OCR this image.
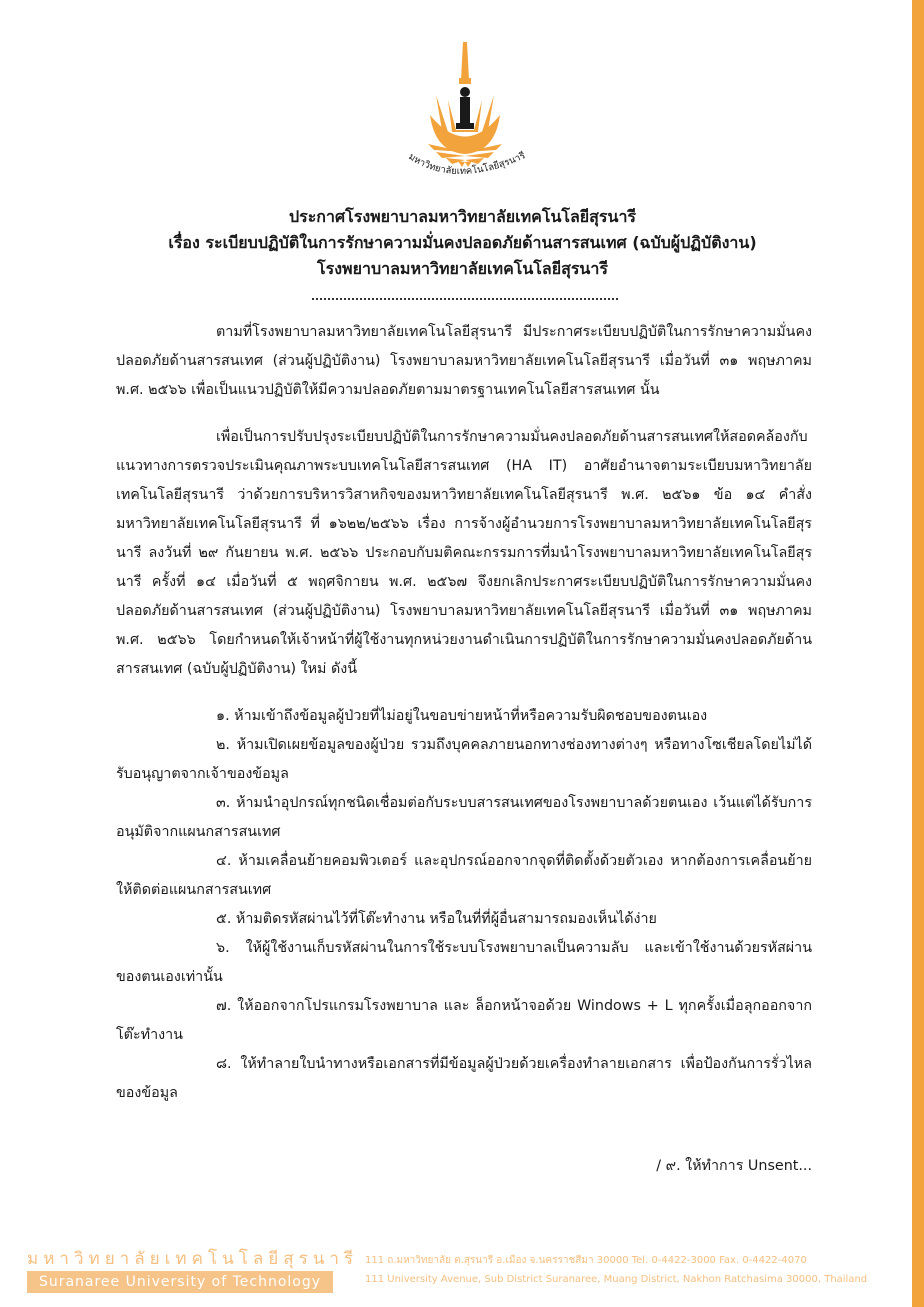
มหาวิทยาลัยเทคโนโลยีสุรนารี
ประกาศโรงพยาบาลมหาวิทยาลัยเทคโนโลยีสุรนารี
เรื่อง ระเบียบปฏิบัติในการรักษาความมั่นคงปลอดภัยด้านสารสนเทศ (ฉบับผู้ปฏิบัติงาน)
โรงพยาบาลมหาวิทยาลัยเทคโนโลยีสุรนารี

ตามที่โรงพยาบาลมหาวิทยาลัยเทคโนโลยีสุรนารี มีประกาศระเบียบปฏิบัติในการรักษาความมั่นคงปลอดภัยด้านสารสนเทศ (ส่วนผู้ปฏิบัติงาน) โรงพยาบาลมหาวิทยาลัยเทคโนโลยีสุรนารี เมื่อวันที่ ๓๑ พฤษภาคม พ.ศ. ๒๕๖๖ เพื่อเป็นแนวปฏิบัติให้มีความปลอดภัยตามมาตรฐานเทคโนโลยีสารสนเทศ นั้น

เพื่อเป็นการปรับปรุงระเบียบปฏิบัติในการรักษาความมั่นคงปลอดภัยด้านสารสนเทศให้สอดคล้องกับแนวทางการตรวจประเมินคุณภาพระบบเทคโนโลยีสารสนเทศ (HA IT) อาศัยอำนาจตามระเบียบมหาวิทยาลัยเทคโนโลยีสุรนารี ว่าด้วยการบริหารวิสาหกิจของมหาวิทยาลัยเทคโนโลยีสุรนารี พ.ศ. ๒๕๖๑ ข้อ ๑๔ คำสั่งมหาวิทยาลัยเทคโนโลยีสุรนารี ที่ ๑๖๒๒/๒๕๖๖ เรื่อง การจ้างผู้อำนวยการโรงพยาบาลมหาวิทยาลัยเทคโนโลยีสุรนารี ลงวันที่ ๒๙ กันยายน พ.ศ. ๒๕๖๖ ประกอบกับมติคณะกรรมการที่มนำโรงพยาบาลมหาวิทยาลัยเทคโนโลยีสุรนารี ครั้งที่ ๑๔ เมื่อวันที่ ๕ พฤศจิกายน พ.ศ. ๒๕๖๗ จึงยกเลิกประกาศระเบียบปฏิบัติในการรักษาความมั่นคงปลอดภัยด้านสารสนเทศ (ส่วนผู้ปฏิบัติงาน) โรงพยาบาลมหาวิทยาลัยเทคโนโลยีสุรนารี เมื่อวันที่ ๓๑ พฤษภาคม พ.ศ. ๒๕๖๖ โดยกำหนดให้เจ้าหน้าที่ผู้ใช้งานทุกหน่วยงานดำเนินการปฏิบัติในการรักษาความมั่นคงปลอดภัยด้านสารสนเทศ (ฉบับผู้ปฏิบัติงาน) ใหม่ ดังนี้

๑. ห้ามเข้าถึงข้อมูลผู้ป่วยที่ไม่อยู่ในขอบข่ายหน้าที่หรือความรับผิดชอบของตนเอง

๒. ห้ามเปิดเผยข้อมูลของผู้ป่วย รวมถึงบุคคลภายนอกทางช่องทางต่างๆ หรือทางโซเชียลโดยไม่ได้รับอนุญาตจากเจ้าของข้อมูล

๓. ห้ามนำอุปกรณ์ทุกชนิดเชื่อมต่อกับระบบสารสนเทศของโรงพยาบาลด้วยตนเอง เว้นแต่ได้รับการอนุมัติจากแผนกสารสนเทศ

๔. ห้ามเคลื่อนย้ายคอมพิวเตอร์ และอุปกรณ์ออกจากจุดที่ติดตั้งด้วยตัวเอง หากต้องการเคลื่อนย้ายให้ติดต่อแผนกสารสนเทศ

๕. ห้ามติดรหัสผ่านไว้ที่โต๊ะทำงาน หรือในที่ที่ผู้อื่นสามารถมองเห็นได้ง่าย

๖. ให้ผู้ใช้งานเก็บรหัสผ่านในการใช้ระบบโรงพยาบาลเป็นความลับ และเข้าใช้งานด้วยรหัสผ่านของตนเองเท่านั้น

๗. ให้ออกจากโปรแกรมโรงพยาบาล และ ล็อกหน้าจอด้วย Windows + L ทุกครั้งเมื่อลุกออกจากโต๊ะทำงาน

๘. ให้ทำลายใบนำทางหรือเอกสารที่มีข้อมูลผู้ป่วยด้วยเครื่องทำลายเอกสาร เพื่อป้องกันการรั่วไหลของข้อมูล

/ ๙. ให้ทำการ Unsent...
มหาวิทยาลัยเทคโนโลยีสุรนารี
Suranaree University of Technology
111 ถ.มหาวิทยาลัย ต.สุรนารี อ.เมือง จ.นครราชสีมา 30000 Tel. 0-4422-3000 Fax. 0-4422-4070
111 University Avenue, Sub District Suranaree, Muang District, Nakhon Ratchasima 30000, Thailand
